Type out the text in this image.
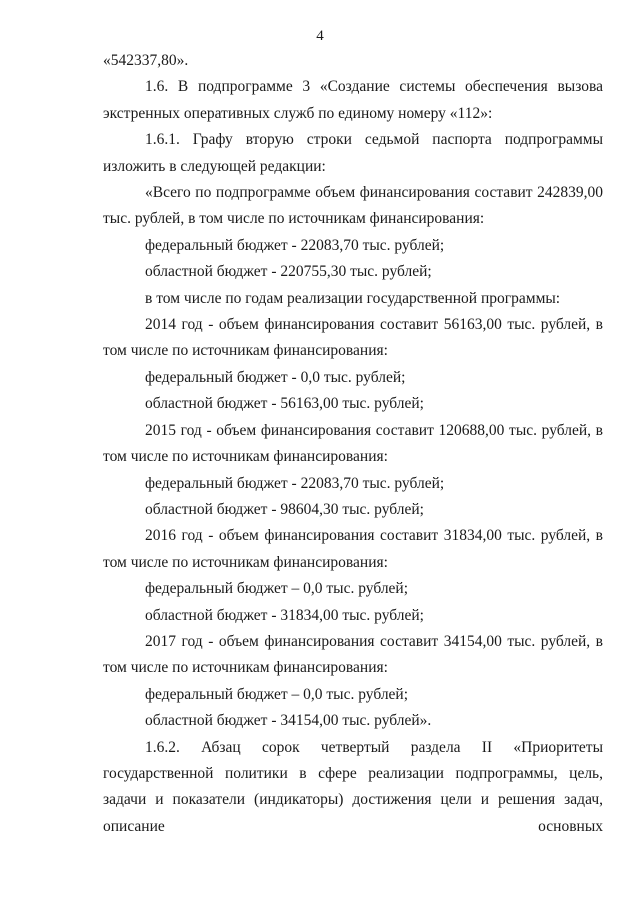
4

«542337,80».

1.6. В подпрограмме 3 «Создание системы обеспечения вызова экстренных оперативных служб по единому номеру «112»:

1.6.1. Графу вторую строки седьмой паспорта подпрограммы изложить в следующей редакции:

«Всего по подпрограмме объем финансирования составит 242839,00 тыс. рублей, в том числе по источникам финансирования:

федеральный бюджет - 22083,70 тыс. рублей;

областной бюджет - 220755,30 тыс. рублей;

в том числе по годам реализации государственной программы:

2014 год - объем финансирования составит 56163,00 тыс. рублей, в том числе по источникам финансирования:

федеральный бюджет - 0,0 тыс. рублей;

областной бюджет - 56163,00 тыс. рублей;

2015 год - объем финансирования составит 120688,00 тыс. рублей, в том числе по источникам финансирования:

федеральный бюджет - 22083,70 тыс. рублей;

областной бюджет - 98604,30 тыс. рублей;

2016 год - объем финансирования составит 31834,00 тыс. рублей, в том числе по источникам финансирования:

федеральный бюджет – 0,0 тыс. рублей;

областной бюджет - 31834,00 тыс. рублей;

2017 год - объем финансирования составит 34154,00 тыс. рублей, в том числе по источникам финансирования:

федеральный бюджет – 0,0 тыс. рублей;

областной бюджет - 34154,00 тыс. рублей».

1.6.2. Абзац сорок четвертый раздела II «Приоритеты государственной политики в сфере реализации подпрограммы, цель, задачи и показатели (индикаторы) достижения цели и решения задач, описание основных
